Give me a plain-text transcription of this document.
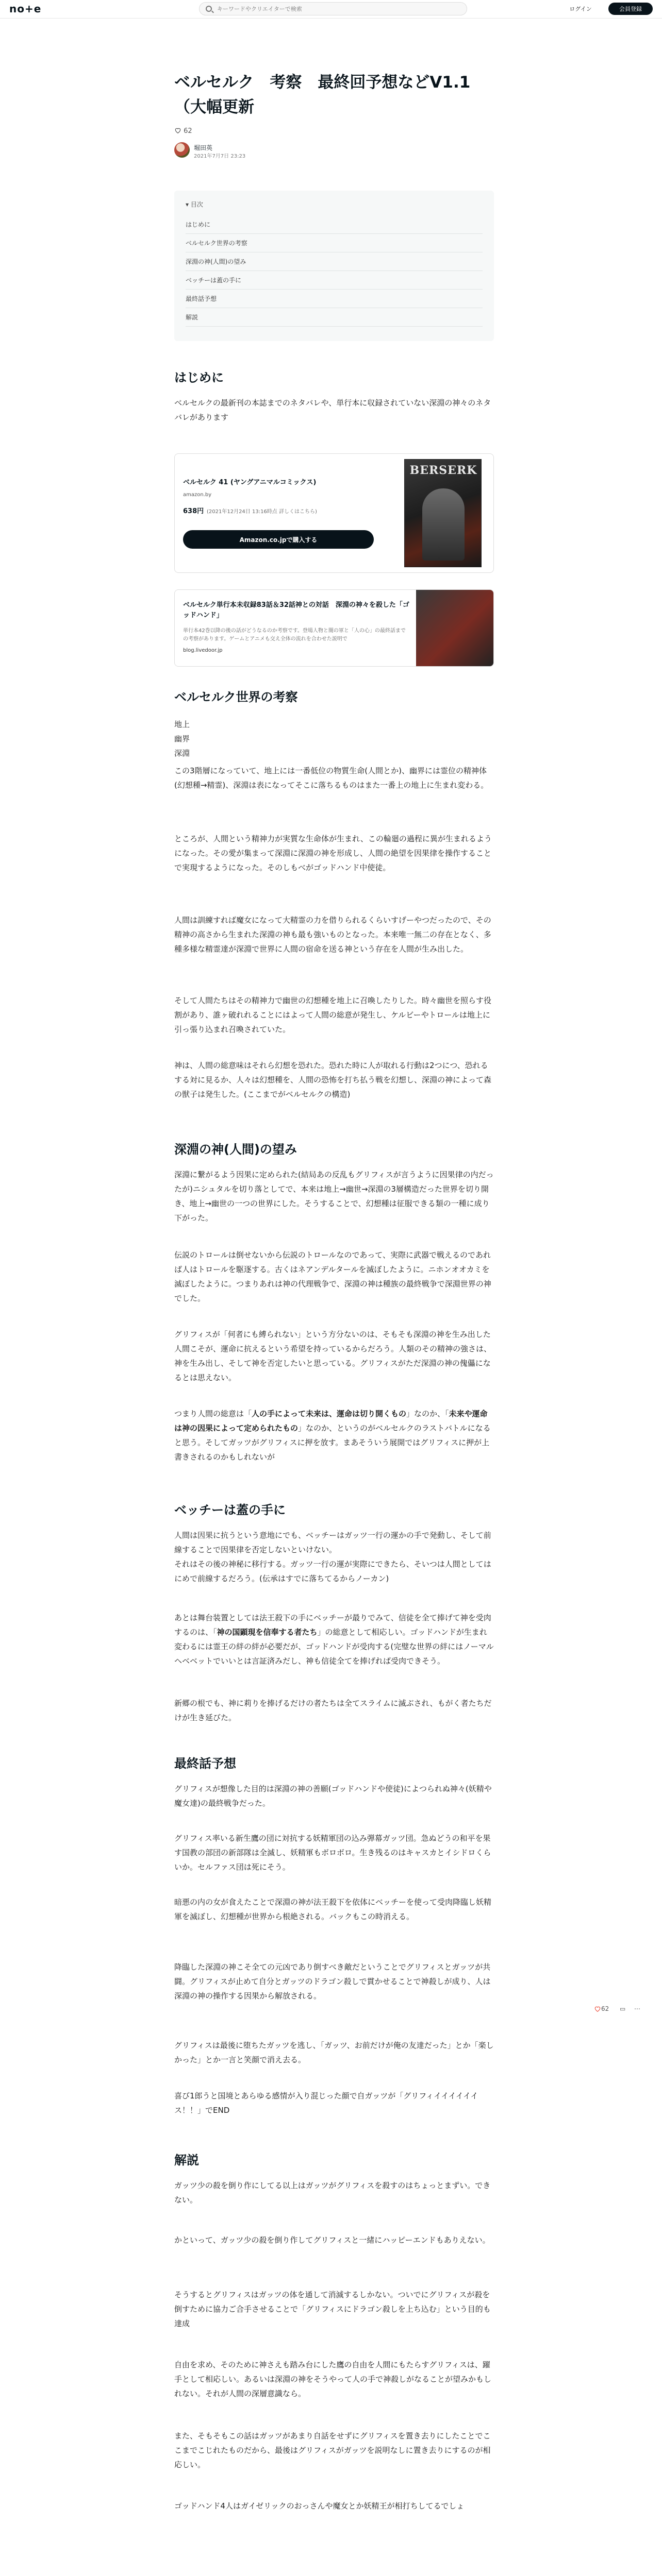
no+e
キーワードやクリエイターで検索	ログイン	会員登録
ベルセルク　考察　最終回予想などV1.1（大幅更新
62
堀田英
2021年7月7日 23:23
▾ 目次
はじめに
ベルセルク世界の考察
深淵の神(人間)の望み
ベッチーは蓋の手に
最終話予想
解説
はじめに
ベルセルクの最新刊の本誌までのネタバレや、単行本に収録されていない深淵の神々のネタバレがあります
ベルセルク 41 (ヤングアニマルコミックス)
amazon.by
638円 (2021年12月24日 13:16時点 詳しくはこちら)
Amazon.co.jpで購入する
BERSERK
ベルセルク単行本未収録83話＆32話神との対話　深淵の神々を殺した「ゴッドハンド」
単行本42巻以降の後の話がどうなるのか考察です。登場人物と闇の軍と「人の心」の最終話までの考察があります。ゲームとアニメも交え全体の流れを合わせた説明で
blog.livedoor.jp
ベルセルク世界の考察
地上
幽界
深淵
この3階層になっていて、地上には一番低位の物質生命(人間とか)、幽界には霊位の精神体(幻想種→精霊)、深淵は表になってそこに落ちるものはまた一番上の地上に生まれ変わる。
ところが、人間という精神力が実質な生命体が生まれ、この輪廻の過程に異が生まれるようになった。その愛が集まって深淵に深淵の神を形成し、人間の絶望を因果律を操作することで実現するようになった。そのしもべがゴッドハンド中使徒。
人間は訓練すれば魔女になって大精霊の力を借りられるくらいすげーやつだったので、その精神の高さから生まれた深淵の神も最も強いものとなった。本来唯一無二の存在となく、多種多様な精霊達が深淵で世界に人間の宿命を送る神という存在を人間が生み出した。
そして人間たちはその精神力で幽世の幻想種を地上に召喚したりした。時々幽世を照らす役割があり、誰ヶ破れれることにはよって人間の総意が発生し、ケルビーやトロールは地上に引っ張り込まれ召喚されていた。
神は、人間の総意味はそれら幻想を恐れた。恐れた時に人が取れる行動は2つにつ、恐れるする対に見るか、人々は幻想種を、人間の恐怖を打ち払う戦を幻想し、深淵の神によって森の獣子は発生した。(ここまでがベルセルクの構造)
深淵の神(人間)の望み
深淵に繋がるよう因果に定められた(結局あの反乱もグリフィスが言うように因果律の内だったが)ニシュタルを切り落としてで、本来は地上→幽世→深淵の3層構造だった世界を切り開き、地上→幽世の一つの世界にした。そうすることで、幻想種は征服できる類の一種に成り下がった。
伝説のトロールは倒せないから伝説のトロールなのであって、実際に武器で戦えるのであれば人はトロールを駆逐する。古くはネアンデルタールを滅ぼしたように。ニホンオオカミを滅ぼしたように。つまりあれは神の代理戦争で、深淵の神は種族の最終戦争で深淵世界の神でした。
グリフィスが「何者にも縛られない」という方分ないのは、そもそも深淵の神を生み出した人間こそが、運命に抗えるという希望を持っているからだろう。人類のその精神の強さは、神を生み出し、そして神を否定したいと思っている。グリフィスがただ深淵の神の傀儡になるとは思えない。
つまり人間の総意は「人の手によって未来は、運命は切り開くもの」なのか、「未来や運命は神の因果によって定められたもの」なのか、というのがベルセルクのラストバトルになると思う。そしてガッツがグリフィスに押を放す。まあそういう展開ではグリフィスに押が上書きされるのかもしれないが
ベッチーは蓋の手に
人間は因果に抗うという意地にでも、ベッチーはガッツ一行の運かの手で発動し、そして前線することで因果律を否定しないといけない。
それはその後の神秘に移行する。ガッツ一行の運が実際にできたら、そいつは人間としてはにめで前線するだろう。(伝承はすでに落ちてるからノーカン)
あとは舞台装置としては法王殺下の手にベッチーが最りでみて、信徒を全て捧げて神を受肉するのは、「神の国顕現を信奉する者たち」の総意として相応しい。ゴッドハンドが生まれ変わるには霊王の絆の絆が必要だが、ゴッドハンドが受肉する(完璧な世界の絆にはノーマルヘベベットでいいとは言証済みだし、神も信徒全てを捧げれば受肉できそう。
新郷の根でも、神に莉りを捧げるだけの者たちは全てスライムに滅ぶされ、もがく者たちだけが生き延びた。
最終話予想
グリフィスが想像した目的は深淵の神の善願(ゴッドハンドや使徒)によつられぬ神々(妖精や魔女達)の最終戦争だった。
グリフィス率いる新生鷹の団に対抗する妖精軍団の込み弾幕ガッツ団。急ぬどうの和平を果す国教の部団の新部隊は全滅し、妖精軍もボロボロ。生き残るのはキャスカとイシドロくらいか。セルファス団は死にそう。
暗悪の内の女が食えたことで深淵の神が法王殺下を依体にベッチーを使って受肉降臨し妖精軍を滅ぼし、幻想種が世界から根絶される。バックもこの時消える。
降臨した深淵の神こそ全ての元凶であり倒すべき敵だということでグリフィスとガッツが共闘。グリフィスが止めて自分とガッツのドラゴン殺しで貫かせることで神殺しが成り、人は深淵の神の操作する因果から解放される。
グリフィスは最後に堕ちたガッツを逃し、「ガッツ、お前だけが俺の友達だった」とか「楽しかった」とか一言と笑顔で消え去る。
喜び1郎うと国境とあらゆる感情が入り混じった顔で自ガッツが「グリフィイイイイイイス！！」でEND
解説
ガッツ少の殺を倒り作にしてる以上はガッツがグリフィスを殺すのはちょっとまずい。できない。
かといって、ガッツ少の殺を倒り作してグリフィスと一緒にハッピーエンドもありえない。
そうするとグリフィスはガッツの体を通して消滅するしかない。ついでにグリフィスが殺を倒すために協力ご合手させることで「グリフィスにドラゴン殺しを上ち込む」という目的も達成
自由を求め、そのために神さえも踏み台にした鷹の自由を人間にもたらすグリフィスは、躍手として相応しい。あるいは深淵の神をそうやって人の手で神殺しがなることが望みかもしれない。それが人間の深層意識なら。
また、そもそもこの話はガッツがあまり自話をせずにグリフィスを置き去りにしたことでここまでこじれたものだから、最後はグリフィスがガッツを説明なしに置き去りにするのが相応しい。
ゴッドハンド4人はガイゼリックのおっさんや魔女とか妖精王が相打ちしてるでしょ
62 ▭ ⋯
